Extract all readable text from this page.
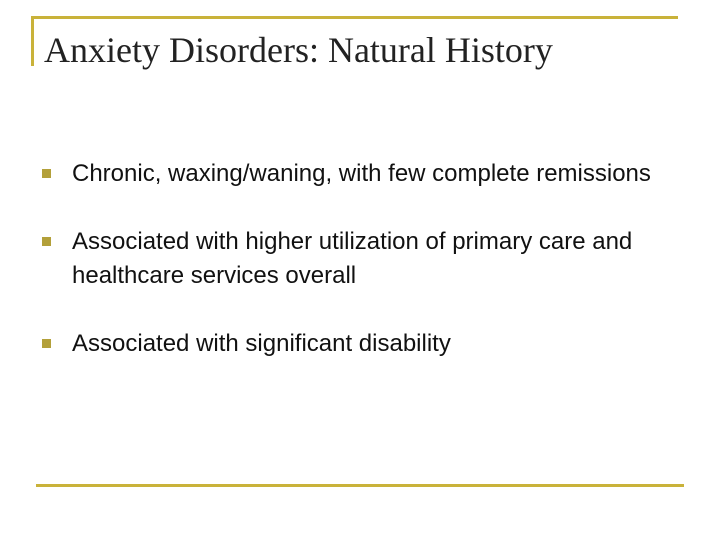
Anxiety Disorders: Natural History
Chronic, waxing/waning, with few complete remissions
Associated with higher utilization of primary care and healthcare services overall
Associated with significant disability
